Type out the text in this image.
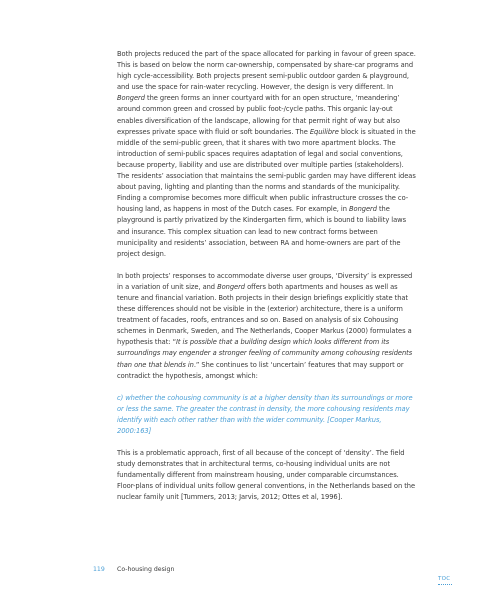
Both projects reduced the part of the space allocated for parking in favour of green space. This is based on below the norm car-ownership, compensated by share-car programs and high cycle-accessibility. Both projects present semi-public outdoor garden & playground, and use the space for rain-water recycling. However, the design is very different. In Bongerd the green forms an inner courtyard with for an open structure, ‘meandering’ around common green and crossed by public foot-/cycle paths. This organic lay-out enables diversification of the landscape, allowing for that permit right of way but also expresses private space with fluid or soft boundaries. The Equilibre block is situated in the middle of the semi-public green, that it shares with two more apartment blocks. The introduction of semi-public spaces requires adaptation of legal and social conventions, because property, liability and use are distributed over multiple parties (stakeholders). The residents’ association that maintains the semi-public garden may have different ideas about paving, lighting and planting than the norms and standards of the municipality. Finding a compromise becomes more difficult when public infrastructure crosses the co-housing land, as happens in most of the Dutch cases. For example, in Bongerd the playground is partly privatized by the Kindergarten firm, which is bound to liability laws and insurance. This complex situation can lead to new contract forms between municipality and residents’ association, between RA and home-owners are part of the project design.

In both projects’ responses to accommodate diverse user groups, ‘Diversity’ is expressed in a variation of unit size, and Bongerd offers both apartments and houses as well as tenure and financial variation. Both projects in their design briefings explicitly state that these differences should not be visible in the (exterior) architecture, there is a uniform treatment of facades, roofs, entrances and so on. Based on analysis of six Cohousing schemes in Denmark, Sweden, and The Netherlands, Cooper Markus (2000) formulates a hypothesis that: “It is possible that a building design which looks different from its surroundings may engender a stronger feeling of community among cohousing residents than one that blends in.” She continues to list ‘uncertain’ features that may support or contradict the hypothesis, amongst which:

c) whether the cohousing community is at a higher density than its surroundings or more or less the same. The greater the contrast in density, the more cohousing residents may identify with each other rather than with the wider community. [Cooper Markus, 2000:163]

This is a problematic approach, first of all because of the concept of ‘density’. The field study demonstrates that in architectural terms, co-housing individual units are not fundamentally different from mainstream housing, under comparable circumstances. Floor-plans of individual units follow general conventions, in the Netherlands based on the nuclear family unit [Tummers, 2013; Jarvis, 2012; Ottes et al, 1996].

119 Co-housing design
TOC
